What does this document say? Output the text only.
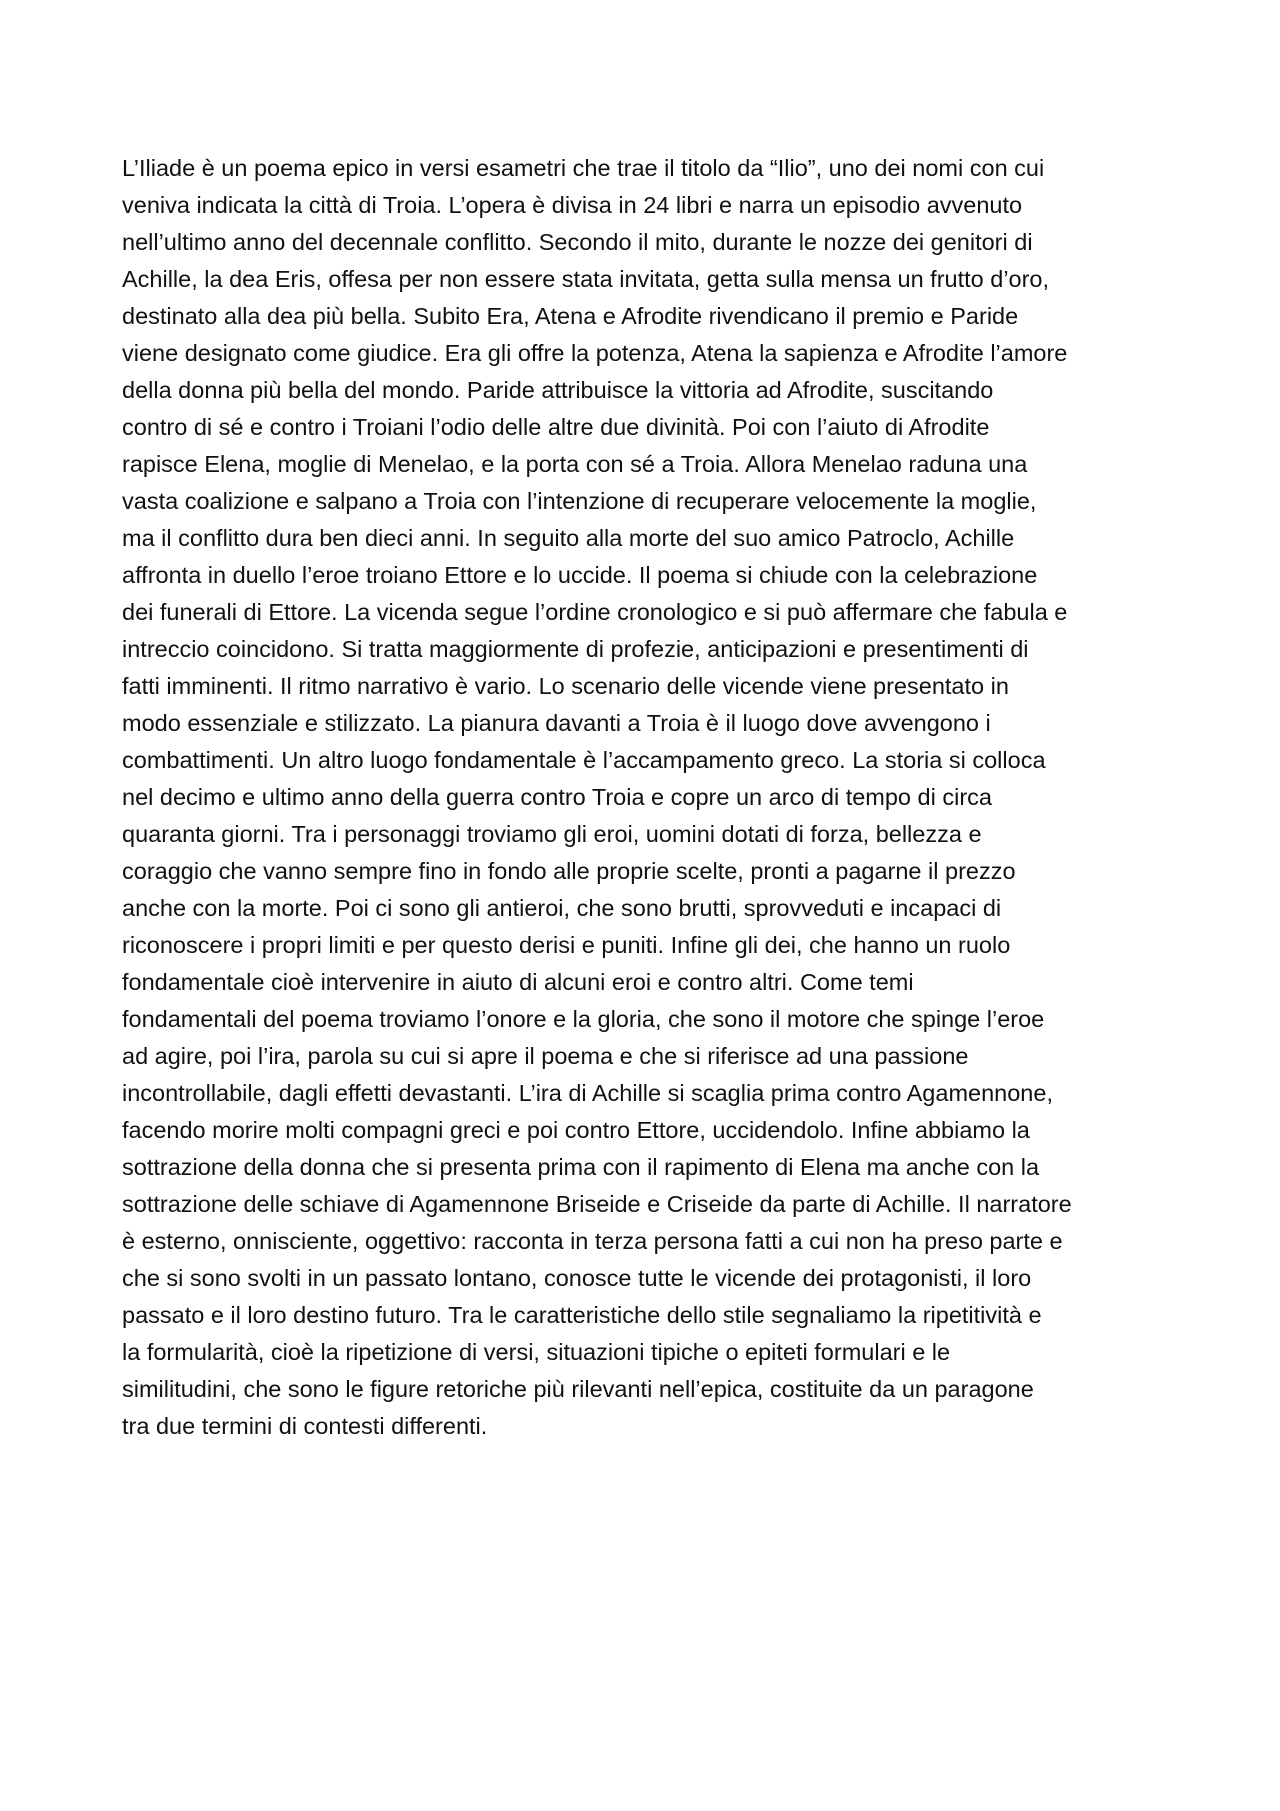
L’Iliade è un poema epico in versi esametri che trae il titolo da “Ilio”, uno dei nomi con cui
veniva indicata la città di Troia. L’opera è divisa in 24 libri e narra un episodio avvenuto
nell’ultimo anno del decennale conflitto. Secondo il mito, durante le nozze dei genitori di
Achille, la dea Eris, offesa per non essere stata invitata, getta sulla mensa un frutto d’oro,
destinato alla dea più bella. Subito Era, Atena e Afrodite rivendicano il premio e Paride
viene designato come giudice. Era gli offre la potenza, Atena la sapienza e Afrodite l’amore
della donna più bella del mondo. Paride attribuisce la vittoria ad Afrodite, suscitando
contro di sé e contro i Troiani l’odio delle altre due divinità. Poi con l’aiuto di Afrodite
rapisce Elena, moglie di Menelao, e la porta con sé a Troia. Allora Menelao raduna una
vasta coalizione e salpano a Troia con l’intenzione di recuperare velocemente la moglie,
ma il conflitto dura ben dieci anni. In seguito alla morte del suo amico Patroclo, Achille
affronta in duello l’eroe troiano Ettore e lo uccide. Il poema si chiude con la celebrazione
dei funerali di Ettore. La vicenda segue l’ordine cronologico e si può affermare che fabula e
intreccio coincidono. Si tratta maggiormente di profezie, anticipazioni e presentimenti di
fatti imminenti. Il ritmo narrativo è vario. Lo scenario delle vicende viene presentato in
modo essenziale e stilizzato. La pianura davanti a Troia è il luogo dove avvengono i
combattimenti. Un altro luogo fondamentale è l’accampamento greco. La storia si colloca
nel decimo e ultimo anno della guerra contro Troia e copre un arco di tempo di circa
quaranta giorni. Tra i personaggi troviamo gli eroi, uomini dotati di forza, bellezza e
coraggio che vanno sempre fino in fondo alle proprie scelte, pronti a pagarne il prezzo
anche con la morte. Poi ci sono gli antieroi, che sono brutti, sprovveduti e incapaci di
riconoscere i propri limiti e per questo derisi e puniti. Infine gli dei, che hanno un ruolo
fondamentale cioè intervenire in aiuto di alcuni eroi e contro altri. Come temi
fondamentali del poema troviamo l’onore e la gloria, che sono il motore che spinge l’eroe
ad agire, poi l’ira, parola su cui si apre il poema e che si riferisce ad una passione
incontrollabile, dagli effetti devastanti. L’ira di Achille si scaglia prima contro Agamennone,
facendo morire molti compagni greci e poi contro Ettore, uccidendolo. Infine abbiamo la
sottrazione della donna che si presenta prima con il rapimento di Elena ma anche con la
sottrazione delle schiave di Agamennone Briseide e Criseide da parte di Achille. Il narratore
è esterno, onnisciente, oggettivo: racconta in terza persona fatti a cui non ha preso parte e
che si sono svolti in un passato lontano, conosce tutte le vicende dei protagonisti, il loro
passato e il loro destino futuro. Tra le caratteristiche dello stile segnaliamo la ripetitività e
la formularità, cioè la ripetizione di versi, situazioni tipiche o epiteti formulari e le
similitudini, che sono le figure retoriche più rilevanti nell’epica, costituite da un paragone
tra due termini di contesti differenti.
